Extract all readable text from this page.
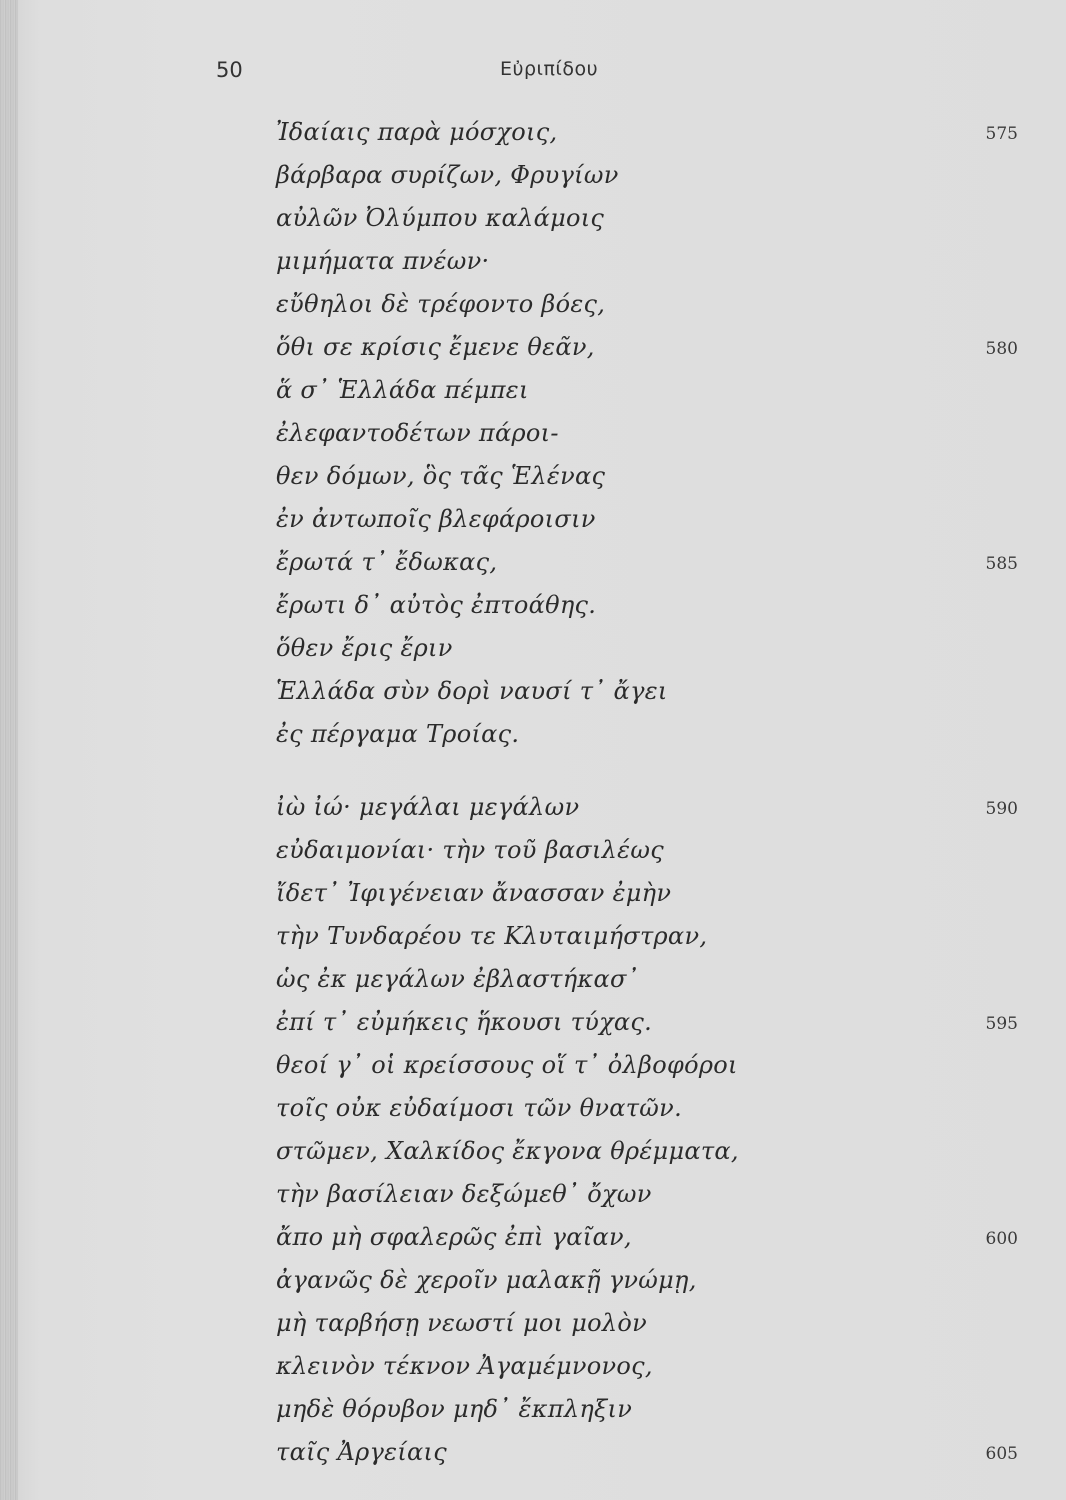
50	Εὐριπίδου
Ἰδαίαις παρὰ μόσχοις,
βάρβαρα συρίζων, Φρυγίων
αὐλῶν Ὀλύμπου καλάμοις
μιμήματα πνέων·
εὔθηλοι δὲ τρέφοντο βόες,
ὅθι σε κρίσις ἔμενε θεᾶν,
ἅ σ᾽ Ἑλλάδα πέμπει
ἐλεφαντοδέτων πάροι-
θεν δόμων, ὃς τᾶς Ἑλένας
ἐν ἀντωποῖς βλεφάροισιν
ἔρωτά τ᾽ ἔδωκας,
ἔρωτι δ᾽ αὐτὸς ἐπτοάθης.
ὅθεν ἔρις ἔριν
Ἑλλάδα σὺν δορὶ ναυσί τ᾽ ἄγει
ἐς πέργαμα Τροίας.
ἰὼ ἰώ· μεγάλαι μεγάλων
εὐδαιμονίαι· τὴν τοῦ βασιλέως
ἴδετ᾽ Ἰφιγένειαν ἄνασσαν ἐμὴν
τὴν Τυνδαρέου τε Κλυταιμήστραν,
ὡς ἐκ μεγάλων ἐβλαστήκασ᾽
ἐπί τ᾽ εὐμήκεις ἥκουσι τύχας.
θεοί γ᾽ οἱ κρείσσους οἵ τ᾽ ὀλβοφόροι
τοῖς οὐκ εὐδαίμοσι τῶν θνατῶν.
στῶμεν, Χαλκίδος ἔκγονα θρέμματα,
τὴν βασίλειαν δεξώμεθ᾽ ὄχων
ἄπο μὴ σφαλερῶς ἐπὶ γαῖαν,
ἀγανῶς δὲ χεροῖν μαλακῇ γνώμῃ,
μὴ ταρβήσῃ νεωστί μοι μολὸν
κλεινὸν τέκνον Ἀγαμέμνονος,
μηδὲ θόρυβον μηδ᾽ ἔκπληξιν
ταῖς Ἀργείαις
575
580
585
590
595
600
605
